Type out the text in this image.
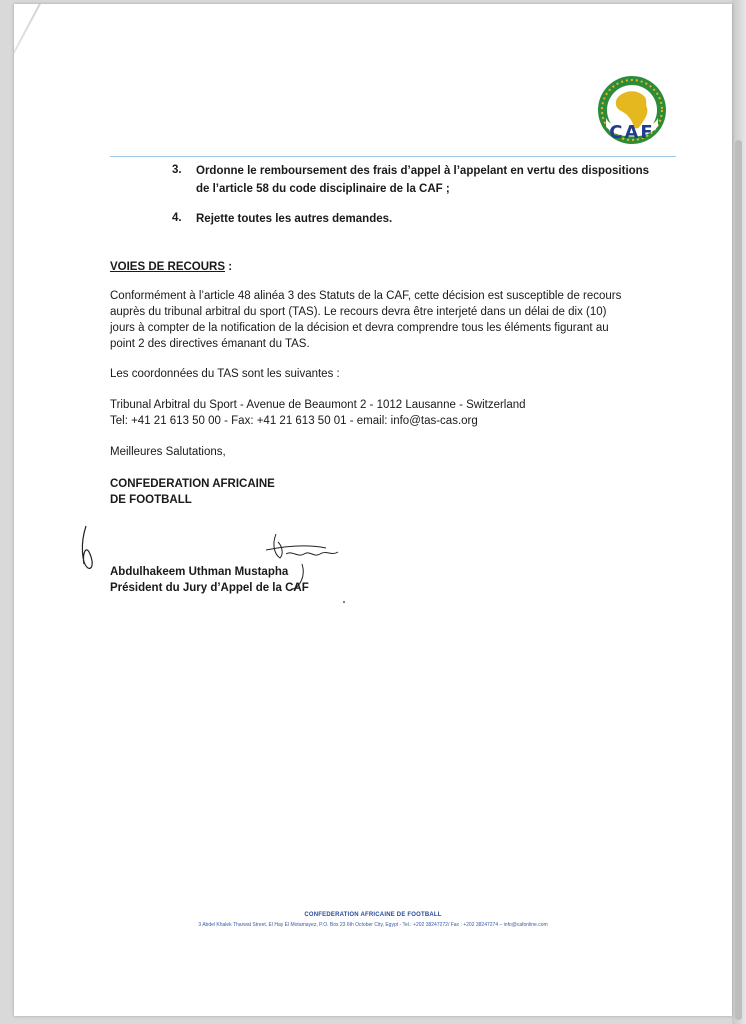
CAF
3. Ordonne le remboursement des frais d’appel à l’appelant en vertu des dispositions
de l’article 58 du code disciplinaire de la CAF ;
4. Rejette toutes les autres demandes.
VOIES DE RECOURS :
Conformément à l’article 48 alinéa 3 des Statuts de la CAF, cette décision est susceptible de recours
auprès du tribunal arbitral du sport (TAS). Le recours devra être interjeté dans un délai de dix (10)
jours à compter de la notification de la décision et devra comprendre tous les éléments figurant au
point 2 des directives émanant du TAS.
Les coordonnées du TAS sont les suivantes :
Tribunal Arbitral du Sport - Avenue de Beaumont 2 - 1012 Lausanne - Switzerland
Tel: +41 21 613 50 00 - Fax: +41 21 613 50 01 - email: info@tas-cas.org
Meilleures Salutations,
CONFEDERATION AFRICAINE
DE FOOTBALL
Abdulhakeem Uthman Mustapha
Président du Jury d’Appel de la CAF
CONFEDERATION AFRICAINE DE FOOTBALL
3 Abdel Khalek Tharwat Street, El Hay El Motamayez, P.O. Box 23 6th October City, Egypt - Tel.: +202 38247272/ Fax : +202 38247274 – info@cafonline.com
